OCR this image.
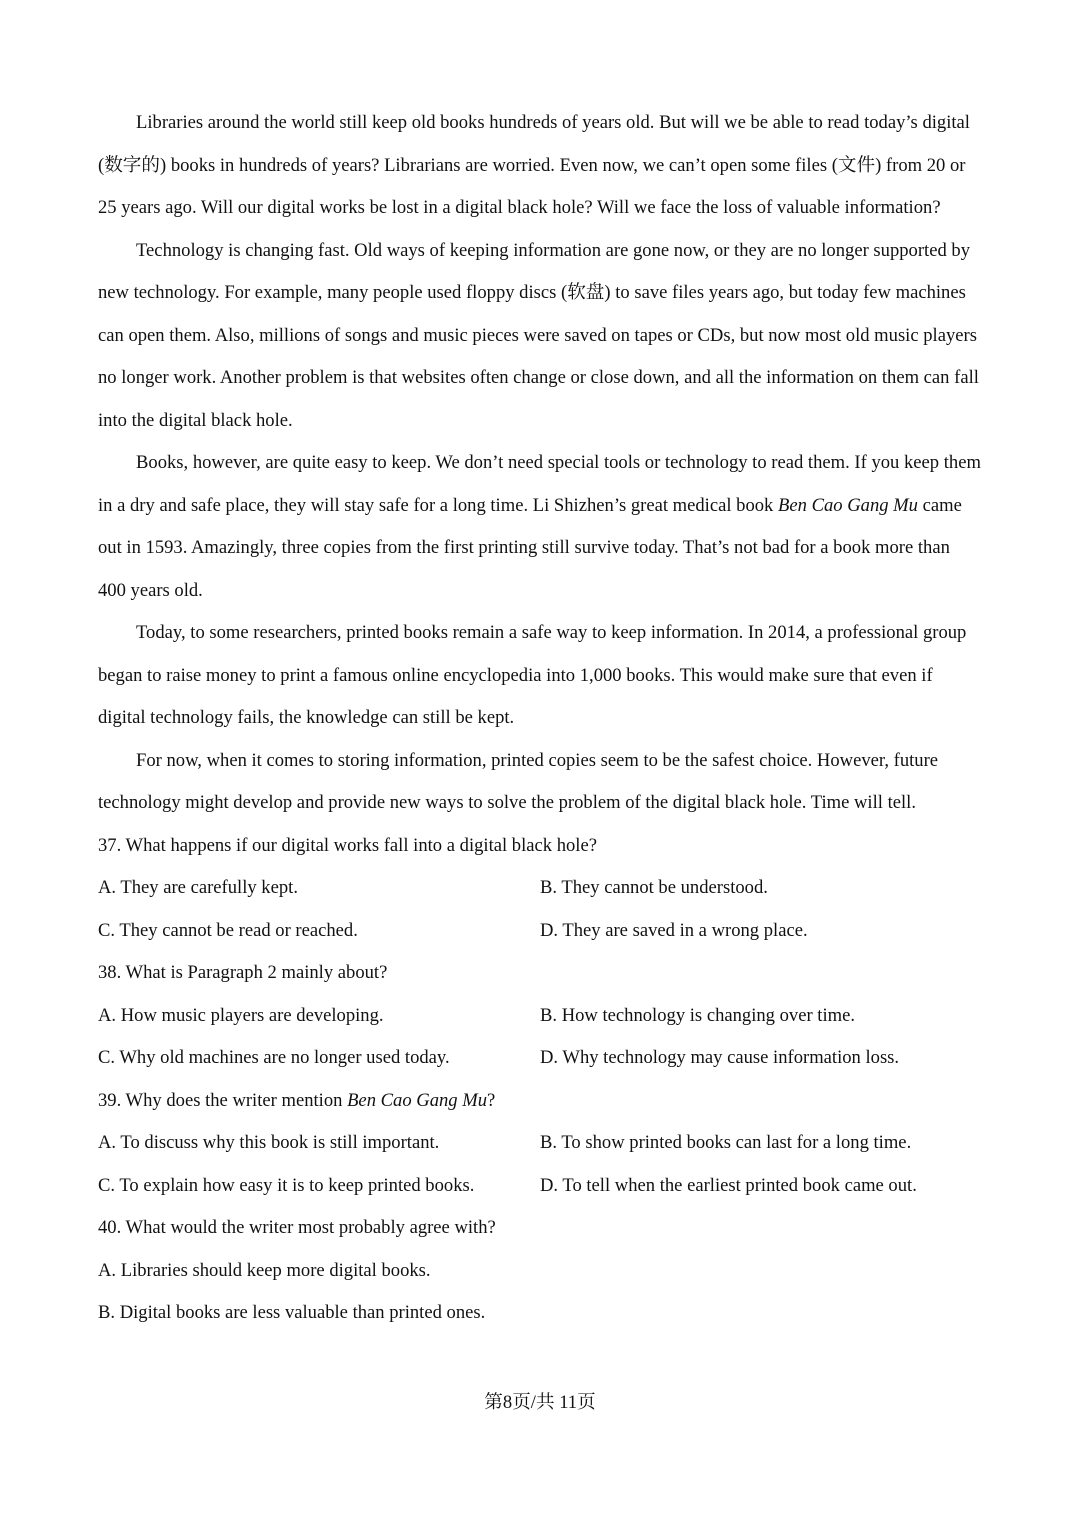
Libraries around the world still keep old books hundreds of years old. But will we be able to read today’s digital (数字的) books in hundreds of years? Librarians are worried. Even now, we can’t open some files (文件) from 20 or 25 years ago. Will our digital works be lost in a digital black hole? Will we face the loss of valuable information?

Technology is changing fast. Old ways of keeping information are gone now, or they are no longer supported by new technology. For example, many people used floppy discs (软盘) to save files years ago, but today few machines can open them. Also, millions of songs and music pieces were saved on tapes or CDs, but now most old music players no longer work. Another problem is that websites often change or close down, and all the information on them can fall into the digital black hole.

Books, however, are quite easy to keep. We don’t need special tools or technology to read them. If you keep them in a dry and safe place, they will stay safe for a long time. Li Shizhen’s great medical book Ben Cao Gang Mu came out in 1593. Amazingly, three copies from the first printing still survive today. That’s not bad for a book more than 400 years old.

Today, to some researchers, printed books remain a safe way to keep information. In 2014, a professional group began to raise money to print a famous online encyclopedia into 1,000 books. This would make sure that even if digital technology fails, the knowledge can still be kept.

For now, when it comes to storing information, printed copies seem to be the safest choice. However, future technology might develop and provide new ways to solve the problem of the digital black hole. Time will tell.

37. What happens if our digital works fall into a digital black hole?
A. They are carefully kept.	B. They cannot be understood.
C. They cannot be read or reached.	D. They are saved in a wrong place.
38. What is Paragraph 2 mainly about?
A. How music players are developing.	B. How technology is changing over time.
C. Why old machines are no longer used today.	D. Why technology may cause information loss.
39. Why does the writer mention Ben Cao Gang Mu?
A. To discuss why this book is still important.	B. To show printed books can last for a long time.
C. To explain how easy it is to keep printed books.	D. To tell when the earliest printed book came out.
40. What would the writer most probably agree with?
A. Libraries should keep more digital books.
B. Digital books are less valuable than printed ones.
第8页/共 11页
